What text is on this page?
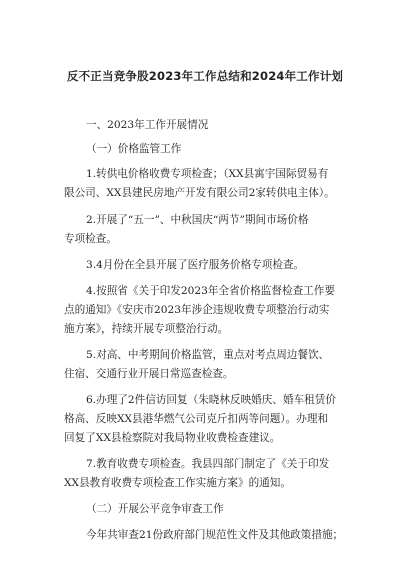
反不正当竞争股2023年工作总结和2024年工作计划
一、2023年工作开展情况
（一）价格监管工作
1.转供电价格收费专项检查；（XX县寓宇国际贸易有
限公司、XX县建民房地产开发有限公司2家转供电主体）。
2.开展了“五一”、中秋国庆“两节”期间市场价格
专项检查。
3.4月份在全县开展了医疗服务价格专项检查。
4.按照省《关于印发2023年全省价格监督检查工作要
点的通知》《安庆市2023年涉企违规收费专项整治行动实
施方案》，持续开展专项整治行动。
5.对高、中考期间价格监管，重点对考点周边餐饮、
住宿、交通行业开展日常巡查检查。
6.办理了2件信访回复（朱晓林反映婚庆、婚车租赁价
格高、反映XX县港华燃气公司克斤扣两等问题）。办理和
回复了XX县检察院对我局物业收费检查建议。
7.教育收费专项检查。我县四部门制定了《关于印发
XX县教育收费专项检查工作实施方案》的通知。
（二）开展公平竞争审查工作
今年共审查21份政府部门规范性文件及其他政策措施；
